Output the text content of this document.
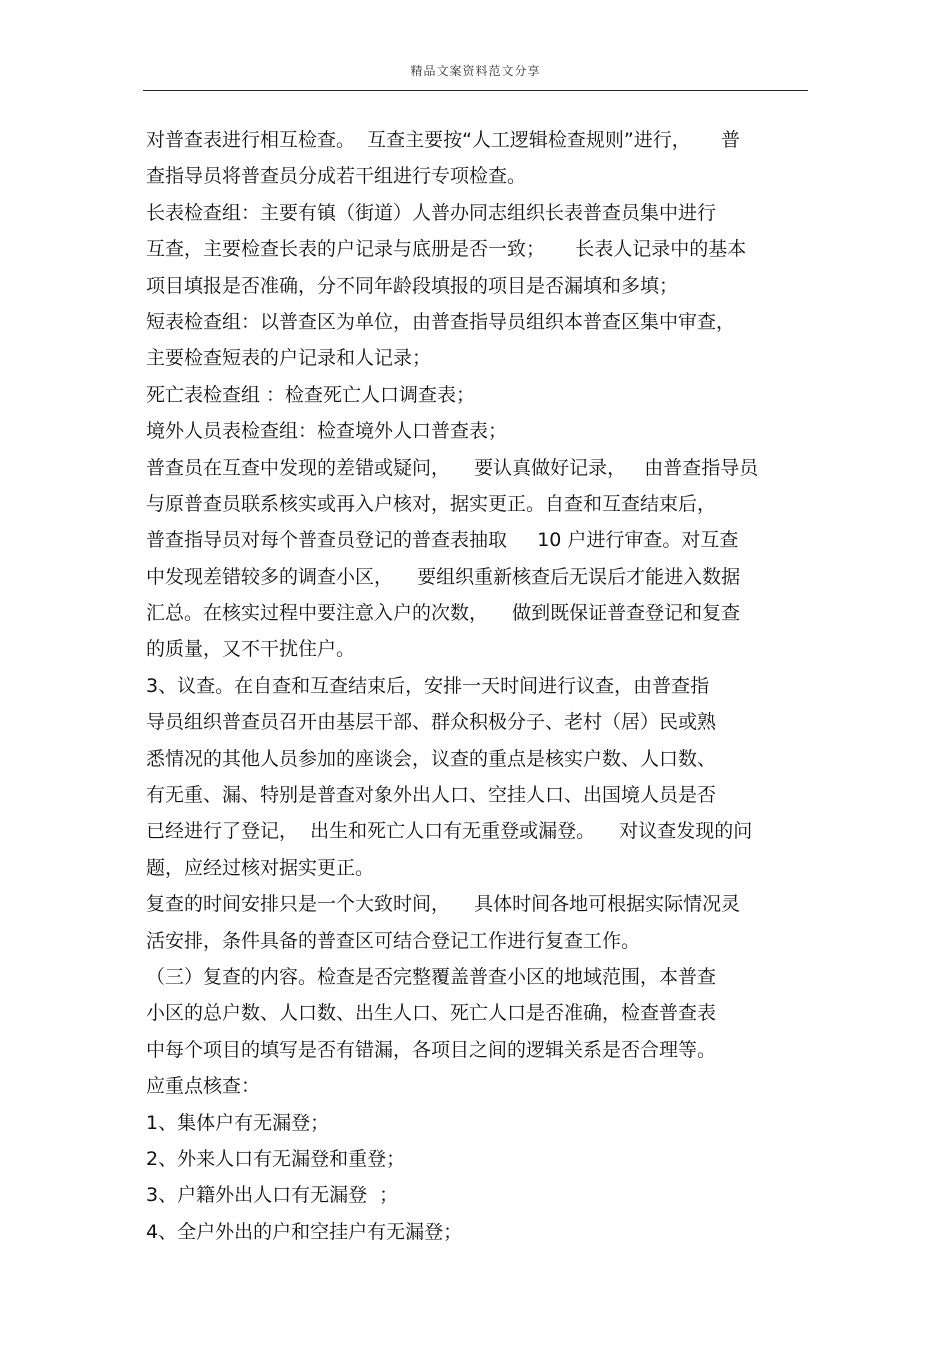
精品文案资料范文分享
对普查表进行相互检查。  互查主要按“人工逻辑检查规则”进行，     普
查指导员将普查员分成若干组进行专项检查。
长表检查组：主要有镇（街道）人普办同志组织长表普查员集中进行
互查，主要检查长表的户记录与底册是否一致；     长表人记录中的基本
项目填报是否准确，分不同年龄段填报的项目是否漏填和多填；
短表检查组：以普查区为单位，由普查指导员组织本普查区集中审查，
主要检查短表的户记录和人记录；
死亡表检查组 ：检查死亡人口调查表；
境外人员表检查组：检查境外人口普查表；
普查员在互查中发现的差错或疑问，    要认真做好记录，   由普查指导员
与原普查员联系核实或再入户核对，据实更正。自查和互查结束后，
普查指导员对每个普查员登记的普查表抽取     10 户进行审查。对互查
中发现差错较多的调查小区，    要组织重新核查后无误后才能进入数据
汇总。在核实过程中要注意入户的次数，    做到既保证普查登记和复查
的质量，又不干扰住户。
3、议查。在自查和互查结束后，安排一天时间进行议查，由普查指
导员组织普查员召开由基层干部、群众积极分子、老村（居）民或熟
悉情况的其他人员参加的座谈会，议查的重点是核实户数、人口数、
有无重、漏、特别是普查对象外出人口、空挂人口、出国境人员是否
已经进行了登记，  出生和死亡人口有无重登或漏登。    对议查发现的问
题，应经过核对据实更正。
复查的时间安排只是一个大致时间，    具体时间各地可根据实际情况灵
活安排，条件具备的普查区可结合登记工作进行复查工作。
（三）复查的内容。检查是否完整覆盖普查小区的地域范围，本普查
小区的总户数、人口数、出生人口、死亡人口是否准确，检查普查表
中每个项目的填写是否有错漏，各项目之间的逻辑关系是否合理等。
应重点核查：
1、集体户有无漏登；
2、外来人口有无漏登和重登；
3、户籍外出人口有无漏登  ；
4、全户外出的户和空挂户有无漏登；
